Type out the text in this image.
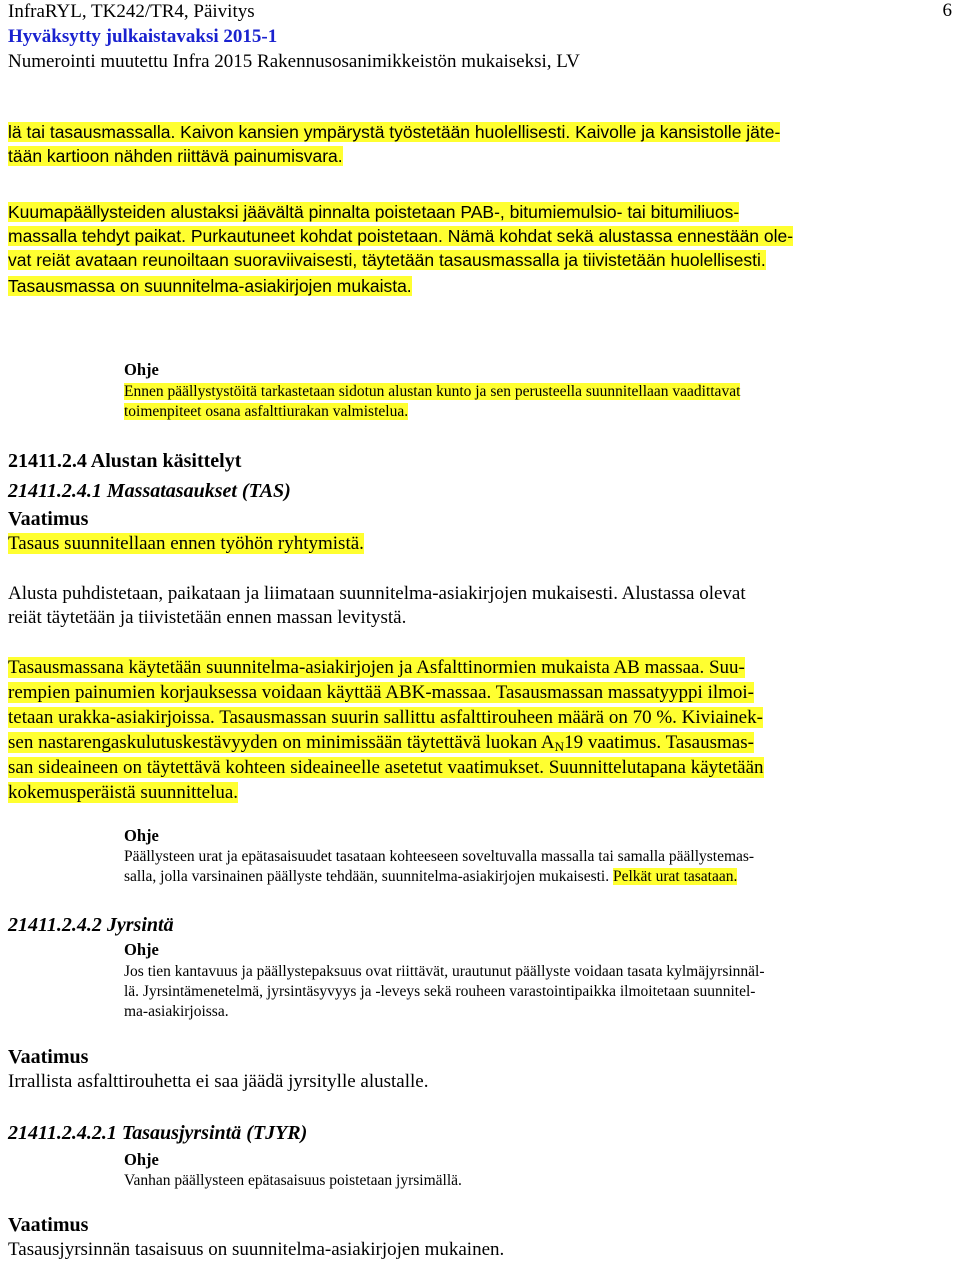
InfraRYL, TK242/TR4, Päivitys
Hyväksytty julkaistavaksi 2015-1
Numerointi muutettu Infra 2015 Rakennusosanimikkeistön mukaiseksi, LV
6
lä tai tasausmassalla. Kaivon kansien ympärystä työstetään huolellisesti. Kaivolle ja kansistolle jäte-
tään kartioon nähden riittävä painumisvara.
Kuumapäällysteiden alustaksi jäävältä pinnalta poistetaan PAB-, bitumiemulsio- tai bitumiliuos-
massalla tehdyt paikat. Purkautuneet kohdat poistetaan. Nämä kohdat sekä alustassa ennestään ole-
vat reiät avataan reunoiltaan suoraviivaisesti, täytetään tasausmassalla ja tiivistetään huolellisesti.
Tasausmassa on suunnitelma-asiakirjojen mukaista.
Ohje
Ennen päällystystöitä tarkastetaan sidotun alustan kunto ja sen perusteella suunnitellaan vaadittavat
toimenpiteet osana asfalttiurakan valmistelua.
21411.2.4 Alustan käsittelyt
21411.2.4.1 Massatasaukset (TAS)
Vaatimus
Tasaus suunnitellaan ennen työhön ryhtymistä.
Alusta puhdistetaan, paikataan ja liimataan suunnitelma-asiakirjojen mukaisesti. Alustassa olevat
reiät täytetään ja tiivistetään ennen massan levitystä.
Tasausmassana käytetään suunnitelma-asiakirjojen ja Asfalttinormien mukaista AB massaa. Suu-
rempien painumien korjauksessa voidaan käyttää ABK-massaa. Tasausmassan massatyyppi ilmoi-
tetaan urakka-asiakirjoissa. Tasausmassan suurin sallittu asfalttirouheen määrä on 70 %. Kiviainek-
sen nastarengaskulutuskestävyyden on minimissään täytettävä luokan $A_N19$ vaatimus. Tasausmas-
san sideaineen on täytettävä kohteen sideaineelle asetetut vaatimukset. Suunnittelutapana käytetään
kokemusperäistä suunnittelua.
Ohje
Päällysteen urat ja epätasaisuudet tasataan kohteeseen soveltuvalla massalla tai samalla päällystemas-
salla, jolla varsinainen päällyste tehdään, suunnitelma-asiakirjojen mukaisesti. Pelkät urat tasataan.
21411.2.4.2 Jyrsintä
Ohje
Jos tien kantavuus ja päällystepaksuus ovat riittävät, urautunut päällyste voidaan tasata kylmäjyrsinnäl-
lä. Jyrsintämenetelmä, jyrsintäsyvyys ja -leveys sekä rouheen varastointipaikka ilmoitetaan suunnitel-
ma-asiakirjoissa.
Vaatimus
Irrallista asfalttirouhetta ei saa jäädä jyrsitylle alustalle.
21411.2.4.2.1 Tasausjyrsintä (TJYR)
Ohje
Vanhan päällysteen epätasaisuus poistetaan jyrsimällä.
Vaatimus
Tasausjyrsinnän tasaisuus on suunnitelma-asiakirjojen mukainen.
